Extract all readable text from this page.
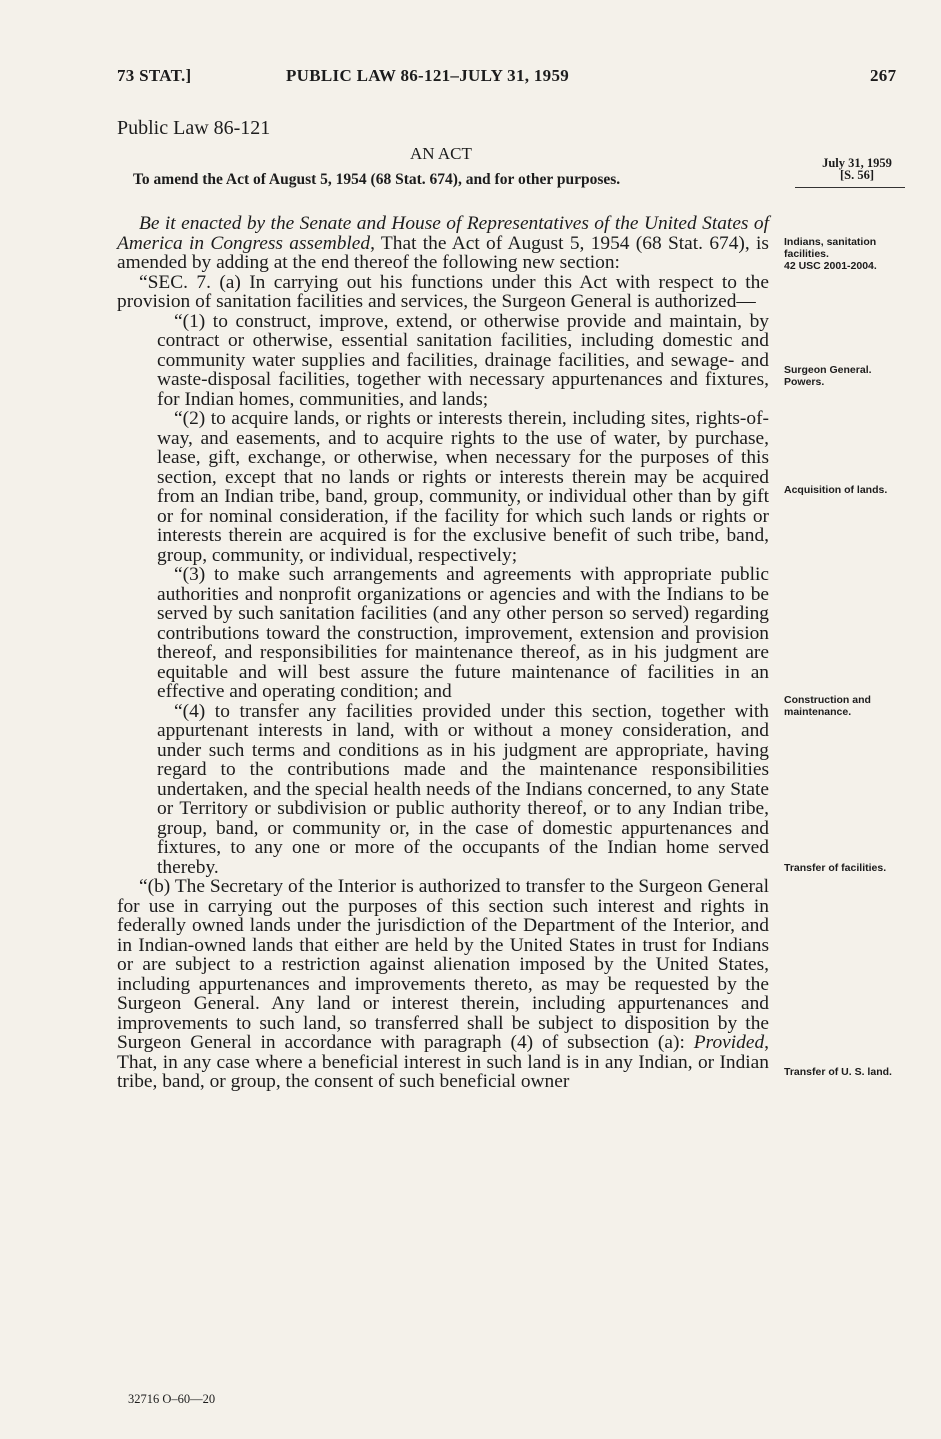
73 STAT.]	PUBLIC LAW 86-121–JULY 31, 1959	267
Public Law 86-121
AN ACT
To amend the Act of August 5, 1954 (68 Stat. 674), and for other purposes.
July 31, 1959
[S. 56]

Be it enacted by the Senate and House of Representatives of the United States of America in Congress assembled, That the Act of August 5, 1954 (68 Stat. 674), is amended by adding at the end thereof the following new section:

“SEC. 7. (a) In carrying out his functions under this Act with respect to the provision of sanitation facilities and services, the Surgeon General is authorized—

“(1) to construct, improve, extend, or otherwise provide and maintain, by contract or otherwise, essential sanitation facilities, including domestic and community water supplies and facilities, drainage facilities, and sewage- and waste-disposal facilities, together with necessary appurtenances and fixtures, for Indian homes, communities, and lands;

“(2) to acquire lands, or rights or interests therein, including sites, rights-of-way, and easements, and to acquire rights to the use of water, by purchase, lease, gift, exchange, or otherwise, when necessary for the purposes of this section, except that no lands or rights or interests therein may be acquired from an Indian tribe, band, group, community, or individual other than by gift or for nominal consideration, if the facility for which such lands or rights or interests therein are acquired is for the exclusive benefit of such tribe, band, group, community, or individual, respectively;

“(3) to make such arrangements and agreements with appropriate public authorities and nonprofit organizations or agencies and with the Indians to be served by such sanitation facilities (and any other person so served) regarding contributions toward the construction, improvement, extension and provision thereof, and responsibilities for maintenance thereof, as in his judgment are equitable and will best assure the future maintenance of facilities in an effective and operating condition; and

“(4) to transfer any facilities provided under this section, together with appurtenant interests in land, with or without a money consideration, and under such terms and conditions as in his judgment are appropriate, having regard to the contributions made and the maintenance responsibilities undertaken, and the special health needs of the Indians concerned, to any State or Territory or subdivision or public authority thereof, or to any Indian tribe, group, band, or community or, in the case of domestic appurtenances and fixtures, to any one or more of the occupants of the Indian home served thereby.

“(b) The Secretary of the Interior is authorized to transfer to the Surgeon General for use in carrying out the purposes of this section such interest and rights in federally owned lands under the jurisdiction of the Department of the Interior, and in Indian-owned lands that either are held by the United States in trust for Indians or are subject to a restriction against alienation imposed by the United States, including appurtenances and improvements thereto, as may be requested by the Surgeon General. Any land or interest therein, including appurtenances and improvements to such land, so transferred shall be subject to disposition by the Surgeon General in accordance with paragraph (4) of subsection (a): Provided, That, in any case where a beneficial interest in such land is in any Indian, or Indian tribe, band, or group, the consent of such beneficial owner

Indians, sanitation facilities.
42 USC 2001-2004.
Surgeon General.
Powers.
Acquisition of lands.
Construction and maintenance.
Transfer of facilities.
Transfer of U. S. land.
32716 O–60—20
